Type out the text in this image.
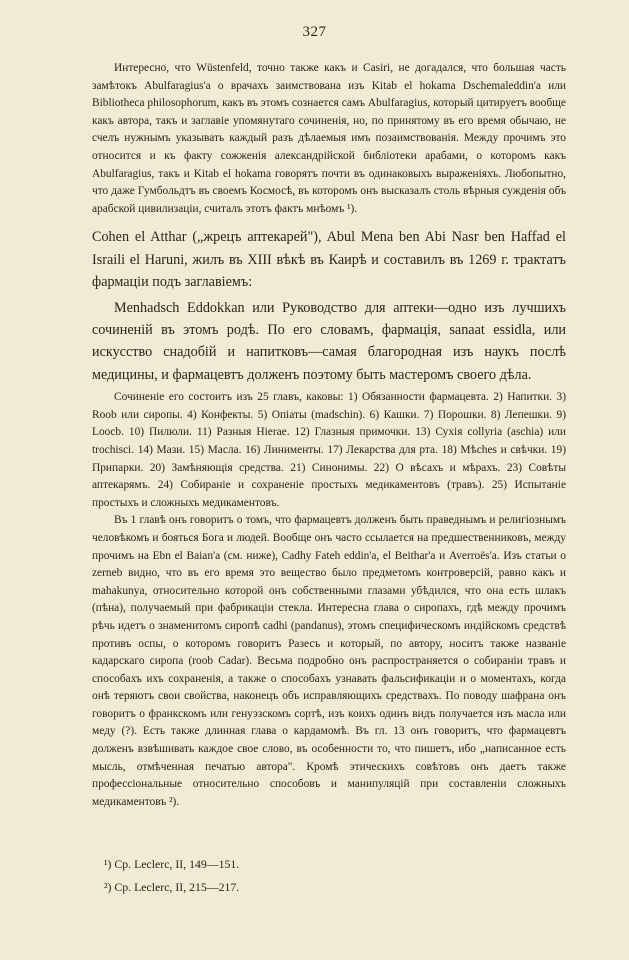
327

Интересно, что Wüstenfeld, точно также какъ и Casiri, не догадался, что большая часть замѣтокъ Abulfaragius'а о врачахъ заимствована изъ Kitab el hokama Dschemaleddin'а или Bibliotheca philosophorum, какъ въ этомъ сознается самъ Abulfaragius, который цитируетъ вообще какъ автора, такъ и заглавіе упомянутаго сочиненія, но, по принятому въ его время обычаю, не счелъ нужнымъ указывать каждый разъ дѣлаемыя имъ позаимствованія. Между прочимъ это относится и къ факту сожженія александрійской библіотеки арабами, о которомъ какъ Abulfaragius, такъ и Kitab el hokama говорятъ почти въ одинаковыхъ выраженіяхъ. Любопытно, что даже Гумбольдтъ въ своемъ Космосѣ, въ которомъ онъ высказалъ столь вѣрныя сужденія объ арабской цивилизаціи, считалъ этотъ фактъ мнѣомъ ¹).

Cohen el Atthar („жрецъ аптекарей"), Abul Mena ben Abi Nasr ben Haffad el Israili el Haruni, жилъ въ XIII вѣкѣ въ Каирѣ и составилъ въ 1269 г. трактатъ фармаціи подъ заглавіемъ:

Menhadsch Eddokkan или Руководство для аптеки—одно изъ лучшихъ сочиненій въ этомъ родѣ. По его словамъ, фармація, sanaat essidla, или искусство снадобій и напитковъ—самая благородная изъ наукъ послѣ медицины, и фармацевтъ долженъ поэтому быть мастеромъ своего дѣла.

Сочиненіе его состоитъ изъ 25 главъ, каковы: 1) Обязанности фармацевта. 2) Напитки. 3) Roob или сиропы. 4) Конфекты. 5) Опіаты (madschin). 6) Кашки. 7) Порошки. 8) Лепешки. 9) Loocb. 10) Пилюли. 11) Разныя Hierae. 12) Глазныя примочки. 13) Сухія collyria (aschia) или trochisci. 14) Мази. 15) Масла. 16) Линименты. 17) Лекарства для рта. 18) Мѣсhes и свѣчки. 19) Припарки. 20) Замѣняющія средства. 21) Синонимы. 22) О вѣсахъ и мѣрахъ. 23) Совѣты аптекарямъ. 24) Собираніе и сохраненіе простыхъ медикаментовъ (травъ). 25) Испытаніе простыхъ и сложныхъ медикаментовъ.

Въ 1 главѣ онъ говоритъ о томъ, что фармацевтъ долженъ быть праведнымъ и религіознымъ человѣкомъ и бояться Бога и людей. Вообще онъ часто ссылается на предшественниковъ, между прочимъ на Ebn el Baian'а (см. ниже), Cadhy Fateh eddin'а, el Beithar'а и Averroës'а. Изъ статьи о zerneb видно, что въ его время это вещество было предметомъ контроверсій, равно какъ и mahakunya, относительно которой онъ собственными глазами убѣдился, что она есть шлакъ (пѣна), получаемый при фабрикаціи стекла. Интересна глава о сиропахъ, гдѣ между прочимъ рѣчь идетъ о знаменитомъ сиропѣ cadhi (pandanus), этомъ специфическомъ индійскомъ средствѣ противъ оспы, о которомъ говоритъ Разесъ и который, по автору, носитъ также названіе кадарскаго сиропа (roob Cadar). Весьма подробно онъ распространяется о собираніи травъ и способахъ ихъ сохраненія, а также о способахъ узнавать фальсификаціи и о моментахъ, когда онѣ теряютъ свои свойства, наконецъ объ исправляющихъ средствахъ. По поводу шафрана онъ говоритъ о франкскомъ или генуэзскомъ сортѣ, изъ коихъ одинъ видъ получается изъ масла или меду (?). Есть также длинная глава о кардамомѣ. Въ гл. 13 онъ говоритъ, что фармацевтъ долженъ взвѣшивать каждое свое слово, въ особенности то, что пишетъ, ибо „написанное есть мысль, отмѣченная печатью автора". Кромѣ этическихъ совѣтовъ онъ даетъ также профессіональные относительно способовъ и манипуляцій при составленіи сложныхъ медикаментовъ ²).

¹) Ср. Leclerc, II, 149—151.

²) Ср. Leclerc, II, 215—217.
